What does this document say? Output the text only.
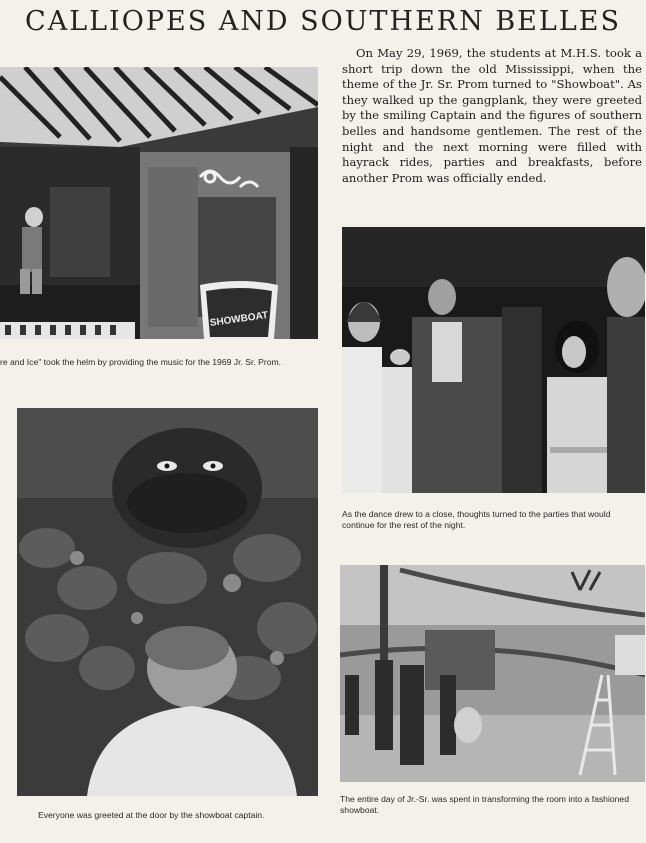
CALLIOPES AND SOUTHERN BELLES

On May 29, 1969, the students at M.H.S. took a short trip down the old Mississippi, when the theme of the Jr. Sr. Prom turned to "Showboat". As they walked up the gangplank, they were greeted by the smiling Captain and the figures of southern belles and handsome gentlemen. The rest of the night and the next morning were filled with hayrack rides, parties and breakfasts, before another Prom was officially ended.

SHOWBOAT

re and Ice" took the helm by providing the music for the 1969 Jr. Sr. Prom.

As the dance drew to a close, thoughts turned to the parties that would continue for the rest of the night.

Everyone was greeted at the door by the showboat captain.

The entire day of Jr.-Sr. was spent in transforming the room into a fashioned showboat.
